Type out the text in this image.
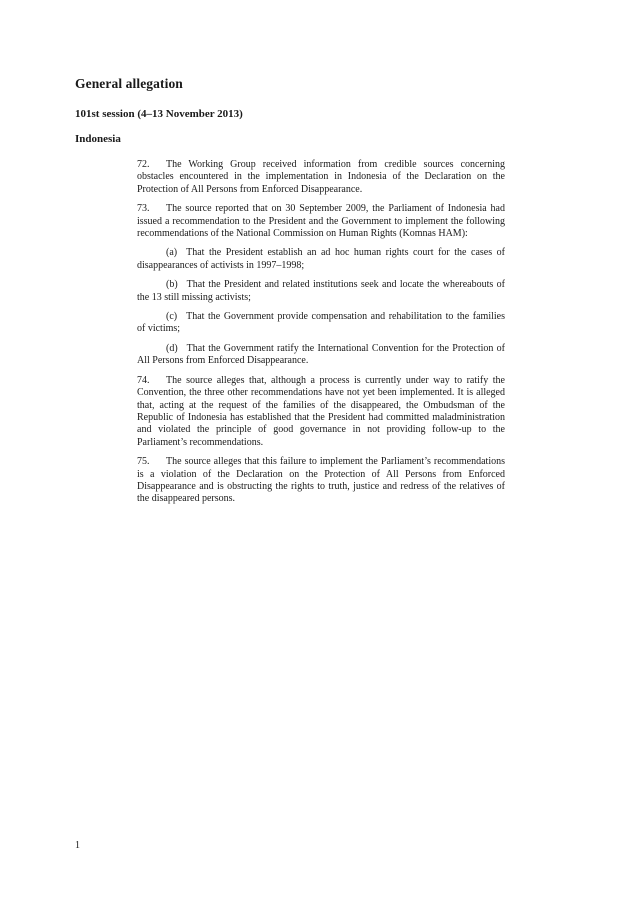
General allegation
101st session (4–13 November 2013)
Indonesia

72. The Working Group received information from credible sources concerning obstacles encountered in the implementation in Indonesia of the Declaration on the Protection of All Persons from Enforced Disappearance.

73. The source reported that on 30 September 2009, the Parliament of Indonesia had issued a recommendation to the President and the Government to implement the following recommendations of the National Commission on Human Rights (Komnas HAM):

(a) That the President establish an ad hoc human rights court for the cases of disappearances of activists in 1997–1998;

(b) That the President and related institutions seek and locate the whereabouts of the 13 still missing activists;

(c) That the Government provide compensation and rehabilitation to the families of victims;

(d) That the Government ratify the International Convention for the Protection of All Persons from Enforced Disappearance.

74. The source alleges that, although a process is currently under way to ratify the Convention, the three other recommendations have not yet been implemented. It is alleged that, acting at the request of the families of the disappeared, the Ombudsman of the Republic of Indonesia has established that the President had committed maladministration and violated the principle of good governance in not providing follow-up to the Parliament’s recommendations.

75. The source alleges that this failure to implement the Parliament’s recommendations is a violation of the Declaration on the Protection of All Persons from Enforced Disappearance and is obstructing the rights to truth, justice and redress of the relatives of the disappeared persons.

1
